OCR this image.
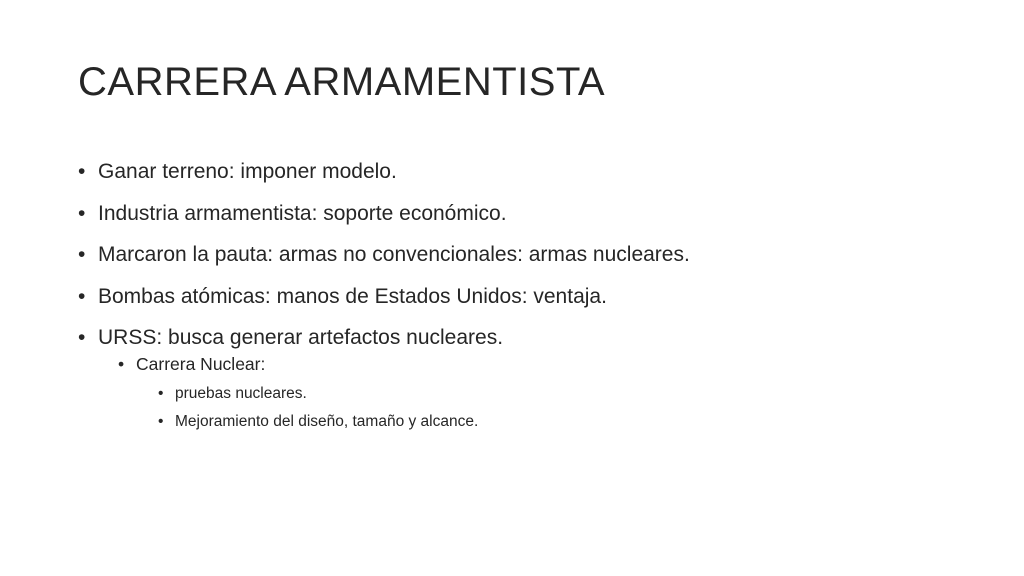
CARRERA ARMAMENTISTA
• Ganar terreno: imponer modelo.
• Industria armamentista: soporte económico.
• Marcaron la pauta: armas no convencionales: armas nucleares.
• Bombas atómicas: manos de Estados Unidos: ventaja.
• URSS: busca generar artefactos nucleares.
• Carrera Nuclear:
• pruebas nucleares.
• Mejoramiento del diseño, tamaño y alcance.
